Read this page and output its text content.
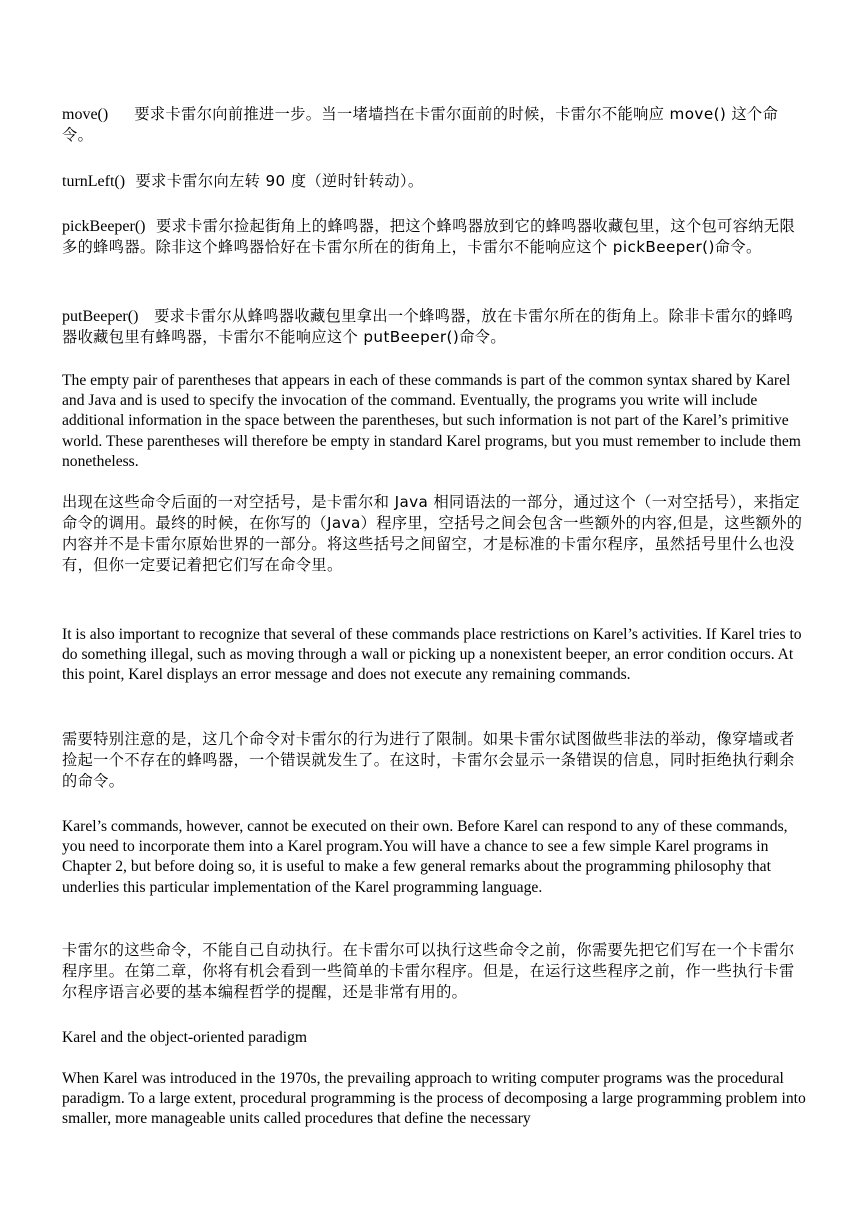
move() 要求卡雷尔向前推进一步。当一堵墙挡在卡雷尔面前的时候，卡雷尔不能响应 move() 这个命令。

turnLeft() 要求卡雷尔向左转 90 度（逆时针转动）。

pickBeeper() 要求卡雷尔捡起街角上的蜂鸣器，把这个蜂鸣器放到它的蜂鸣器收藏包里，这个包可容纳无限多的蜂鸣器。除非这个蜂鸣器恰好在卡雷尔所在的街角上，卡雷尔不能响应这个 pickBeeper()命令。

putBeeper() 要求卡雷尔从蜂鸣器收藏包里拿出一个蜂鸣器，放在卡雷尔所在的街角上。除非卡雷尔的蜂鸣器收藏包里有蜂鸣器，卡雷尔不能响应这个 putBeeper()命令。

The empty pair of parentheses that appears in each of these commands is part of the common syntax shared by Karel and Java and is used to specify the invocation of the command. Eventually, the programs you write will include additional information in the space between the parentheses, but such information is not part of the Karel’s primitive world. These parentheses will therefore be empty in standard Karel programs, but you must remember to include them nonetheless.

出现在这些命令后面的一对空括号，是卡雷尔和 Java 相同语法的一部分，通过这个（一对空括号），来指定命令的调用。最终的时候，在你写的（Java）程序里，空括号之间会包含一些额外的内容,但是，这些额外的内容并不是卡雷尔原始世界的一部分。将这些括号之间留空，才是标准的卡雷尔程序，虽然括号里什么也没有，但你一定要记着把它们写在命令里。

It is also important to recognize that several of these commands place restrictions on Karel’s activities. If Karel tries to do something illegal, such as moving through a wall or picking up a nonexistent beeper, an error condition occurs. At this point, Karel displays an error message and does not execute any remaining commands.

需要特别注意的是，这几个命令对卡雷尔的行为进行了限制。如果卡雷尔试图做些非法的举动，像穿墙或者捡起一个不存在的蜂鸣器，一个错误就发生了。在这时，卡雷尔会显示一条错误的信息，同时拒绝执行剩余的命令。

Karel’s commands, however, cannot be executed on their own. Before Karel can respond to any of these commands, you need to incorporate them into a Karel program.You will have a chance to see a few simple Karel programs in Chapter 2, but before doing so, it is useful to make a few general remarks about the programming philosophy that underlies this particular implementation of the Karel programming language.

卡雷尔的这些命令，不能自己自动执行。在卡雷尔可以执行这些命令之前，你需要先把它们写在一个卡雷尔程序里。在第二章，你将有机会看到一些简单的卡雷尔程序。但是，在运行这些程序之前，作一些执行卡雷尔程序语言必要的基本编程哲学的提醒，还是非常有用的。

Karel and the object-oriented paradigm

When Karel was introduced in the 1970s, the prevailing approach to writing computer programs was the procedural paradigm. To a large extent, procedural programming is the process of decomposing a large programming problem into smaller, more manageable units called procedures that define the necessary
